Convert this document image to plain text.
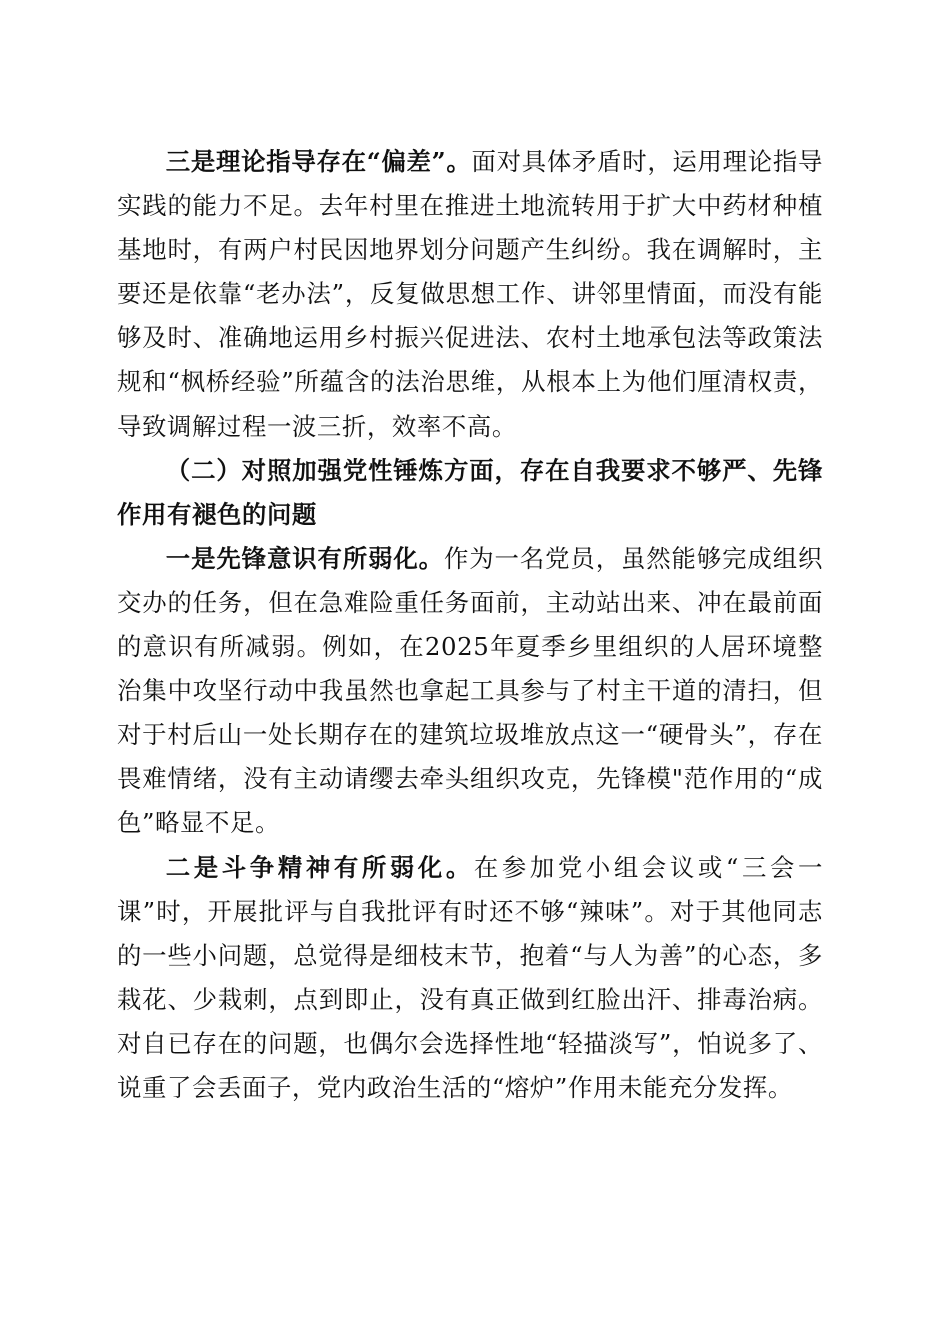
三是理论指导存在“偏差”。面对具体矛盾时，运用理论指导实践的能力不足。去年村里在推进土地流转用于扩大中药材种植基地时，有两户村民因地界划分问题产生纠纷。我在调解时，主要还是依靠“老办法”，反复做思想工作、讲邻里情面，而没有能够及时、准确地运用乡村振兴促进法、农村土地承包法等政策法规和“枫桥经验”所蕴含的法治思维，从根本上为他们厘清权责，导致调解过程一波三折，效率不高。

（二）对照加强党性锤炼方面，存在自我要求不够严、先锋作用有褪色的问题

一是先锋意识有所弱化。作为一名党员，虽然能够完成组织交办的任务，但在急难险重任务面前，主动站出来、冲在最前面的意识有所减弱。例如，在2025年夏季乡里组织的人居环境整治集中攻坚行动中我虽然也拿起工具参与了村主干道的清扫，但对于村后山一处长期存在的建筑垃圾堆放点这一“硬骨头”，存在畏难情绪，没有主动请缨去牵头组织攻克，先锋模"范作用的“成色”略显不足。

二是斗争精神有所弱化。在参加党小组会议或“三会一课”时，开展批评与自我批评有时还不够“辣味”。对于其他同志的一些小问题，总觉得是细枝末节，抱着“与人为善”的心态，多栽花、少栽刺，点到即止，没有真正做到红脸出汗、排毒治病。对自已存在的问题，也偶尔会选择性地“轻描淡写”，怕说多了、说重了会丢面子，党内政治生活的“熔炉”作用未能充分发挥。
